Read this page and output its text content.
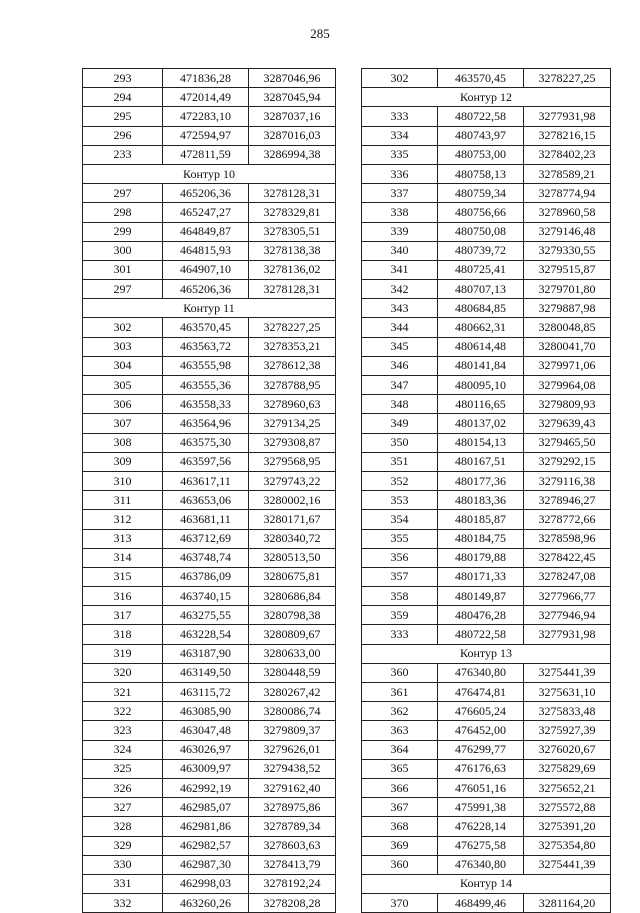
285
293	471836,28	3287046,96
294	472014,49	3287045,94
295	472283,10	3287037,16
296	472594,97	3287016,03
233	472811,59	3286994,38
Контур 10		
297	465206,36	3278128,31
298	465247,27	3278329,81
299	464849,87	3278305,51
300	464815,93	3278138,38
301	464907,10	3278136,02
297	465206,36	3278128,31
Контур 11		
302	463570,45	3278227,25
303	463563,72	3278353,21
304	463555,98	3278612,38
305	463555,36	3278788,95
306	463558,33	3278960,63
307	463564,96	3279134,25
308	463575,30	3279308,87
309	463597,56	3279568,95
310	463617,11	3279743,22
311	463653,06	3280002,16
312	463681,11	3280171,67
313	463712,69	3280340,72
314	463748,74	3280513,50
315	463786,09	3280675,81
316	463740,15	3280686,84
317	463275,55	3280798,38
318	463228,54	3280809,67
319	463187,90	3280633,00
320	463149,50	3280448,59
321	463115,72	3280267,42
322	463085,90	3280086,74
323	463047,48	3279809,37
324	463026,97	3279626,01
325	463009,97	3279438,52
326	462992,19	3279162,40
327	462985,07	3278975,86
328	462981,86	3278789,34
329	462982,57	3278603,63
330	462987,30	3278413,79
331	462998,03	3278192,24
332	463260,26	3278208,28
302	463570,45	3278227,25
Контур 12		
333	480722,58	3277931,98
334	480743,97	3278216,15
335	480753,00	3278402,23
336	480758,13	3278589,21
337	480759,34	3278774,94
338	480756,66	3278960,58
339	480750,08	3279146,48
340	480739,72	3279330,55
341	480725,41	3279515,87
342	480707,13	3279701,80
343	480684,85	3279887,98
344	480662,31	3280048,85
345	480614,48	3280041,70
346	480141,84	3279971,06
347	480095,10	3279964,08
348	480116,65	3279809,93
349	480137,02	3279639,43
350	480154,13	3279465,50
351	480167,51	3279292,15
352	480177,36	3279116,38
353	480183,36	3278946,27
354	480185,87	3278772,66
355	480184,75	3278598,96
356	480179,88	3278422,45
357	480171,33	3278247,08
358	480149,87	3277966,77
359	480476,28	3277946,94
333	480722,58	3277931,98
Контур 13		
360	476340,80	3275441,39
361	476474,81	3275631,10
362	476605,24	3275833,48
363	476452,00	3275927,39
364	476299,77	3276020,67
365	476176,63	3275829,69
366	476051,16	3275652,21
367	475991,38	3275572,88
368	476228,14	3275391,20
369	476275,58	3275354,80
360	476340,80	3275441,39
Контур 14		
370	468499,46	3281164,20
